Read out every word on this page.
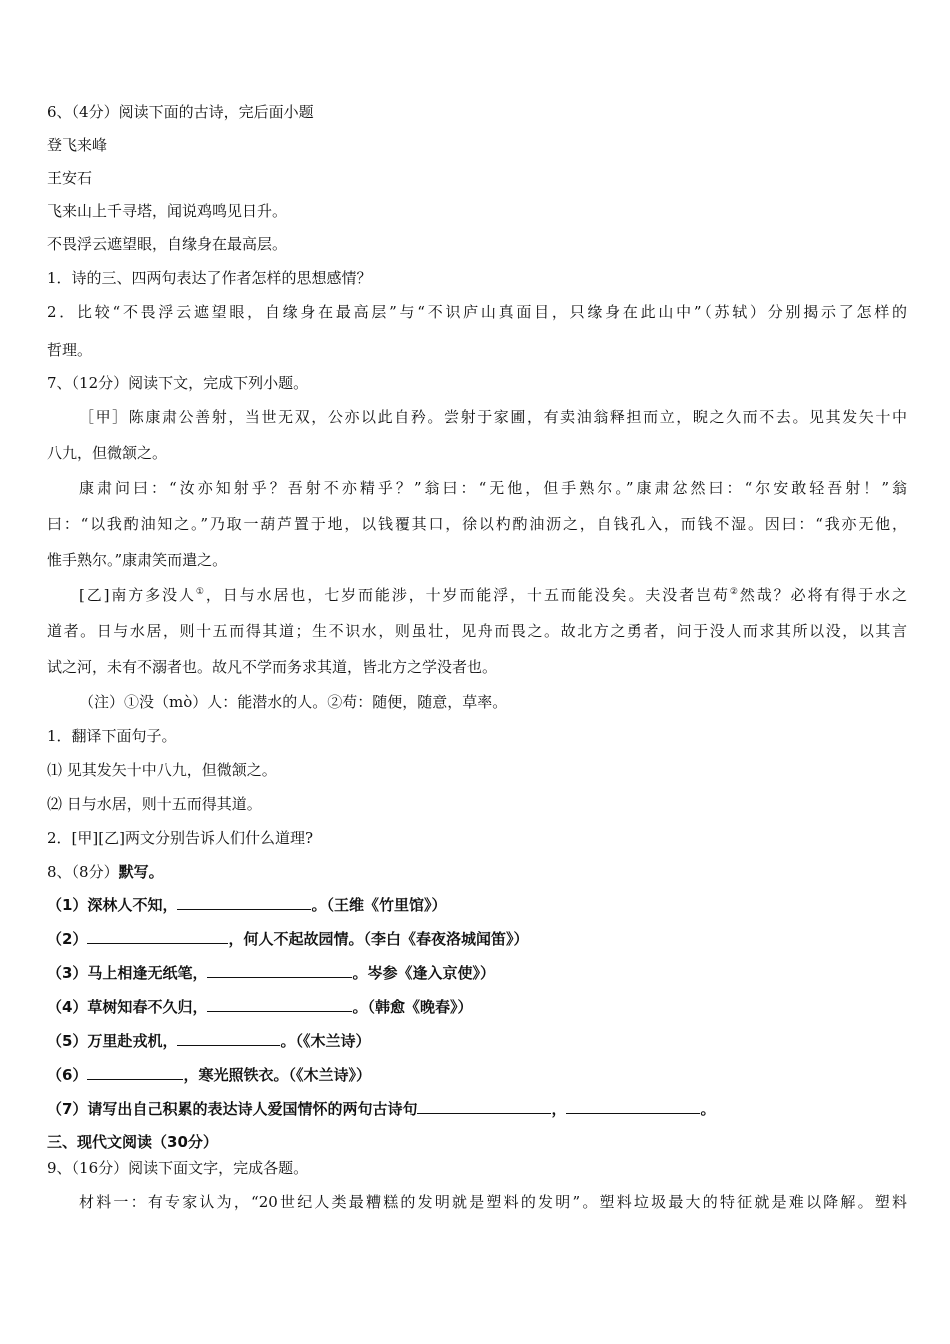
6、（4分）阅读下面的古诗，完后面小题
登飞来峰
王安石
飞来山上千寻塔，闻说鸡鸣见日升。
不畏浮云遮望眼，自缘身在最高层。
1．诗的三、四两句表达了作者怎样的思想感情？
2．比较“不畏浮云遮望眼，自缘身在最高层”与“不识庐山真面目，只缘身在此山中”（苏轼）分别揭示了怎样的
哲理。
7、（12分）阅读下文，完成下列小题。
［甲］陈康肃公善射，当世无双，公亦以此自矜。尝射于家圃，有卖油翁释担而立，睨之久而不去。见其发矢十中
八九，但微颔之。
康肃问曰：“汝亦知射乎？吾射不亦精乎？”翁曰：“无他，但手熟尔。”康肃忿然曰：“尔安敢轻吾射！”翁
曰：“以我酌油知之。”乃取一葫芦置于地，以钱覆其口，徐以杓酌油沥之，自钱孔入，而钱不湿。因曰：“我亦无他，
惟手熟尔。”康肃笑而遣之。
[乙]南方多没人①，日与水居也，七岁而能涉，十岁而能浮，十五而能没矣。夫没者岂苟②然哉？必将有得于水之
道者。日与水居，则十五而得其道；生不识水，则虽壮，见舟而畏之。故北方之勇者，问于没人而求其所以没，以其言
试之河，未有不溺者也。故凡不学而务求其道，皆北方之学没者也。
（注）①没（mò）人：能潜水的人。②苟：随便，随意，草率。
1．翻译下面句子。
⑴ 见其发矢十中八九，但微颔之。
⑵ 日与水居，则十五而得其道。
2．[甲][乙]两文分别告诉人们什么道理?
8、（8分）默写。
（1）深林人不知，	。（王维《竹里馆》）
（2）	，何人不起故园情。（李白《春夜洛城闻笛》）
（3）马上相逢无纸笔，	。岑参《逢入京使》）
（4）草树知春不久归，	。（韩愈《晚春》）
（5）万里赴戎机，	。（《木兰诗）
（6）	，寒光照铁衣。（《木兰诗》）
（7）请写出自己积累的表达诗人爱国情怀的两句古诗句	，	。
三、现代文阅读（30分）
9、（16分）阅读下面文字，完成各题。
材料一：有专家认为，“20世纪人类最糟糕的发明就是塑料的发明”。塑料垃圾最大的特征就是难以降解。塑料
